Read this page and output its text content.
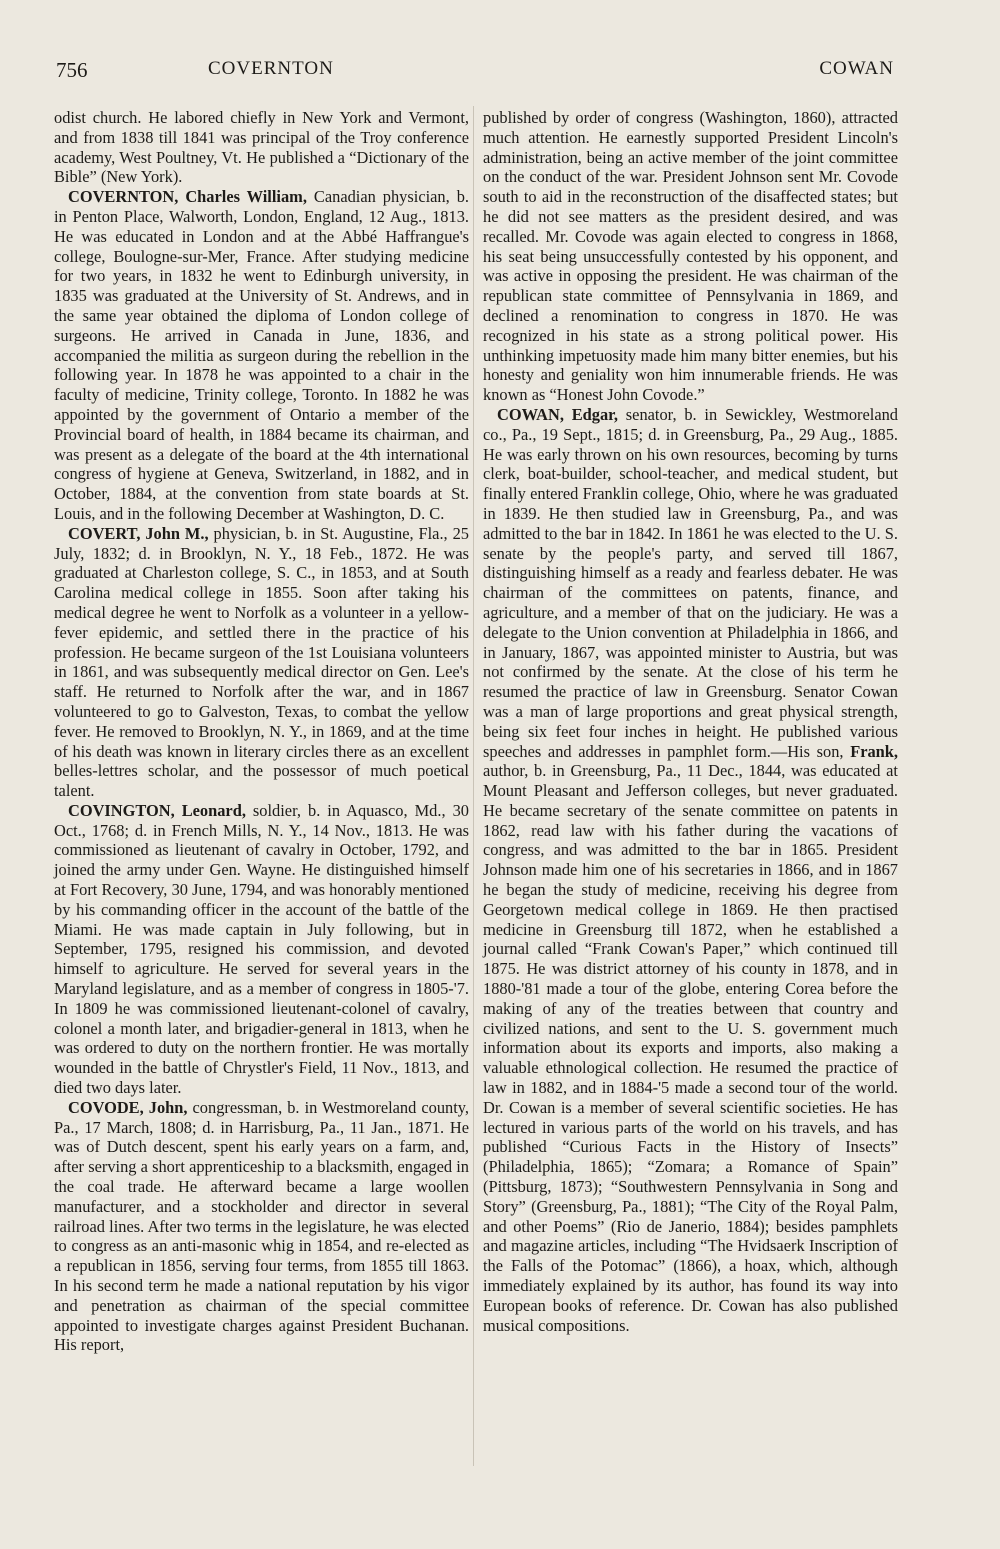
756	COVERNTON	COWAN

odist church. He labored chiefly in New York and Vermont, and from 1838 till 1841 was principal of the Troy conference academy, West Poultney, Vt. He published a “Dictionary of the Bible” (New York).

COVERNTON, Charles William, Canadian physician, b. in Penton Place, Walworth, London, England, 12 Aug., 1813. He was educated in London and at the Abbé Haffrangue's college, Boulogne-sur-Mer, France. After studying medicine for two years, in 1832 he went to Edinburgh university, in 1835 was graduated at the University of St. Andrews, and in the same year obtained the diploma of London college of surgeons. He arrived in Canada in June, 1836, and accompanied the militia as surgeon during the rebellion in the following year. In 1878 he was appointed to a chair in the faculty of medicine, Trinity college, Toronto. In 1882 he was appointed by the government of Ontario a member of the Provincial board of health, in 1884 became its chairman, and was present as a delegate of the board at the 4th international congress of hygiene at Geneva, Switzerland, in 1882, and in October, 1884, at the convention from state boards at St. Louis, and in the following December at Washington, D. C.

COVERT, John M., physician, b. in St. Augustine, Fla., 25 July, 1832; d. in Brooklyn, N. Y., 18 Feb., 1872. He was graduated at Charleston college, S. C., in 1853, and at South Carolina medical college in 1855. Soon after taking his medical degree he went to Norfolk as a volunteer in a yellow-fever epidemic, and settled there in the practice of his profession. He became surgeon of the 1st Louisiana volunteers in 1861, and was subsequently medical director on Gen. Lee's staff. He returned to Norfolk after the war, and in 1867 volunteered to go to Galveston, Texas, to combat the yellow fever. He removed to Brooklyn, N. Y., in 1869, and at the time of his death was known in literary circles there as an excellent belles-lettres scholar, and the possessor of much poetical talent.

COVINGTON, Leonard, soldier, b. in Aquasco, Md., 30 Oct., 1768; d. in French Mills, N. Y., 14 Nov., 1813. He was commissioned as lieutenant of cavalry in October, 1792, and joined the army under Gen. Wayne. He distinguished himself at Fort Recovery, 30 June, 1794, and was honorably mentioned by his commanding officer in the account of the battle of the Miami. He was made captain in July following, but in September, 1795, resigned his commission, and devoted himself to agriculture. He served for several years in the Maryland legislature, and as a member of congress in 1805-'7. In 1809 he was commissioned lieutenant-colonel of cavalry, colonel a month later, and brigadier-general in 1813, when he was ordered to duty on the northern frontier. He was mortally wounded in the battle of Chrystler's Field, 11 Nov., 1813, and died two days later.

COVODE, John, congressman, b. in Westmoreland county, Pa., 17 March, 1808; d. in Harrisburg, Pa., 11 Jan., 1871. He was of Dutch descent, spent his early years on a farm, and, after serving a short apprenticeship to a blacksmith, engaged in the coal trade. He afterward became a large woollen manufacturer, and a stockholder and director in several railroad lines. After two terms in the legislature, he was elected to congress as an anti-masonic whig in 1854, and re-elected as a republican in 1856, serving four terms, from 1855 till 1863. In his second term he made a national reputation by his vigor and penetration as chairman of the special committee appointed to investigate charges against President Buchanan. His report,

published by order of congress (Washington, 1860), attracted much attention. He earnestly supported President Lincoln's administration, being an active member of the joint committee on the conduct of the war. President Johnson sent Mr. Covode south to aid in the reconstruction of the disaffected states; but he did not see matters as the president desired, and was recalled. Mr. Covode was again elected to congress in 1868, his seat being unsuccessfully contested by his opponent, and was active in opposing the president. He was chairman of the republican state committee of Pennsylvania in 1869, and declined a renomination to congress in 1870. He was recognized in his state as a strong political power. His unthinking impetuosity made him many bitter enemies, but his honesty and geniality won him innumerable friends. He was known as “Honest John Covode.”

COWAN, Edgar, senator, b. in Sewickley, Westmoreland co., Pa., 19 Sept., 1815; d. in Greensburg, Pa., 29 Aug., 1885. He was early thrown on his own resources, becoming by turns clerk, boat-builder, school-teacher, and medical student, but finally entered Franklin college, Ohio, where he was graduated in 1839. He then studied law in Greensburg, Pa., and was admitted to the bar in 1842. In 1861 he was elected to the U. S. senate by the people's party, and served till 1867, distinguishing himself as a ready and fearless debater. He was chairman of the committees on patents, finance, and agriculture, and a member of that on the judiciary. He was a delegate to the Union convention at Philadelphia in 1866, and in January, 1867, was appointed minister to Austria, but was not confirmed by the senate. At the close of his term he resumed the practice of law in Greensburg. Senator Cowan was a man of large proportions and great physical strength, being six feet four inches in height. He published various speeches and addresses in pamphlet form.—His son, Frank, author, b. in Greensburg, Pa., 11 Dec., 1844, was educated at Mount Pleasant and Jefferson colleges, but never graduated. He became secretary of the senate committee on patents in 1862, read law with his father during the vacations of congress, and was admitted to the bar in 1865. President Johnson made him one of his secretaries in 1866, and in 1867 he began the study of medicine, receiving his degree from Georgetown medical college in 1869. He then practised medicine in Greensburg till 1872, when he established a journal called “Frank Cowan's Paper,” which continued till 1875. He was district attorney of his county in 1878, and in 1880-'81 made a tour of the globe, entering Corea before the making of any of the treaties between that country and civilized nations, and sent to the U. S. government much information about its exports and imports, also making a valuable ethnological collection. He resumed the practice of law in 1882, and in 1884-'5 made a second tour of the world. Dr. Cowan is a member of several scientific societies. He has lectured in various parts of the world on his travels, and has published “Curious Facts in the History of Insects” (Philadelphia, 1865); “Zomara; a Romance of Spain” (Pittsburg, 1873); “Southwestern Pennsylvania in Song and Story” (Greensburg, Pa., 1881); “The City of the Royal Palm, and other Poems” (Rio de Janerio, 1884); besides pamphlets and magazine articles, including “The Hvidsaerk Inscription of the Falls of the Potomac” (1866), a hoax, which, although immediately explained by its author, has found its way into European books of reference. Dr. Cowan has also published musical compositions.
